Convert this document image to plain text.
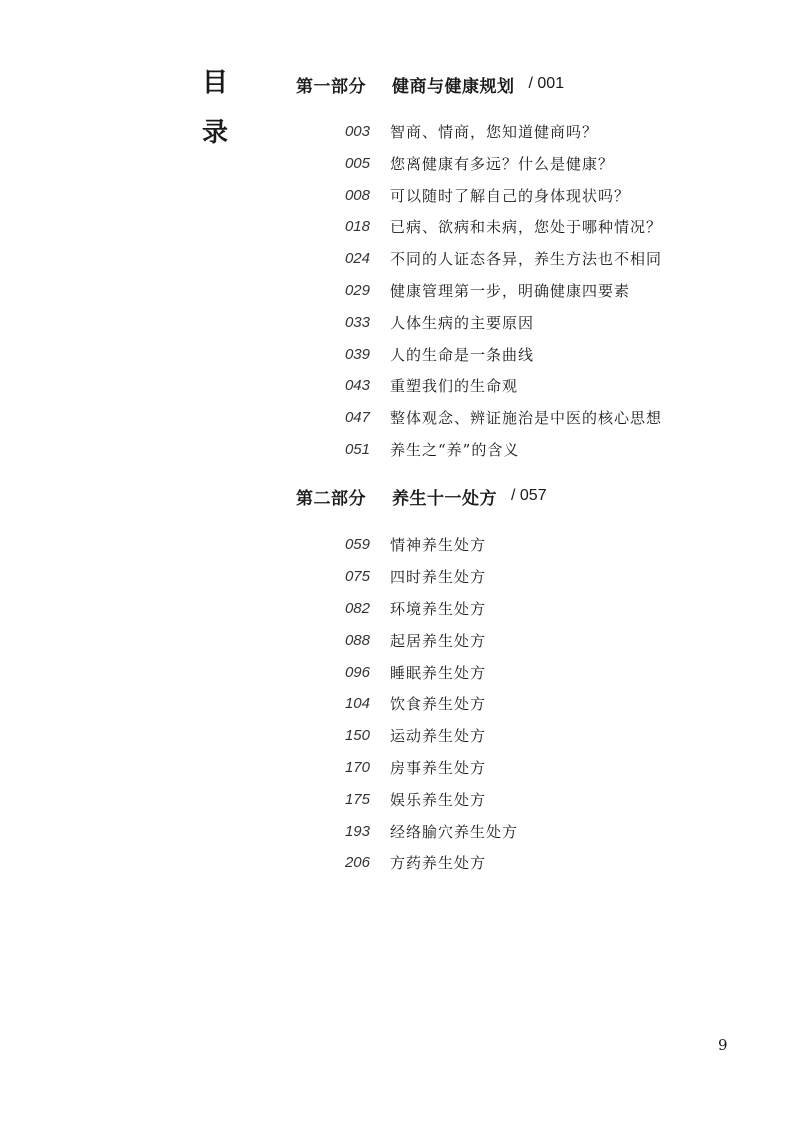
目
录
第一部分	健商与健康规划 / 001
003 智商、情商，您知道健商吗？
005 您离健康有多远？什么是健康？
008 可以随时了解自己的身体现状吗？
018 已病、欲病和未病，您处于哪种情况？
024 不同的人证态各异，养生方法也不相同
029 健康管理第一步，明确健康四要素
033 人体生病的主要原因
039 人的生命是一条曲线
043 重塑我们的生命观
047 整体观念、辨证施治是中医的核心思想
051 养生之“养”的含义
第二部分	养生十一处方 / 057
059 情神养生处方
075 四时养生处方
082 环境养生处方
088 起居养生处方
096 睡眠养生处方
104 饮食养生处方
150 运动养生处方
170 房事养生处方
175 娱乐养生处方
193 经络腧穴养生处方
206 方药养生处方
9
